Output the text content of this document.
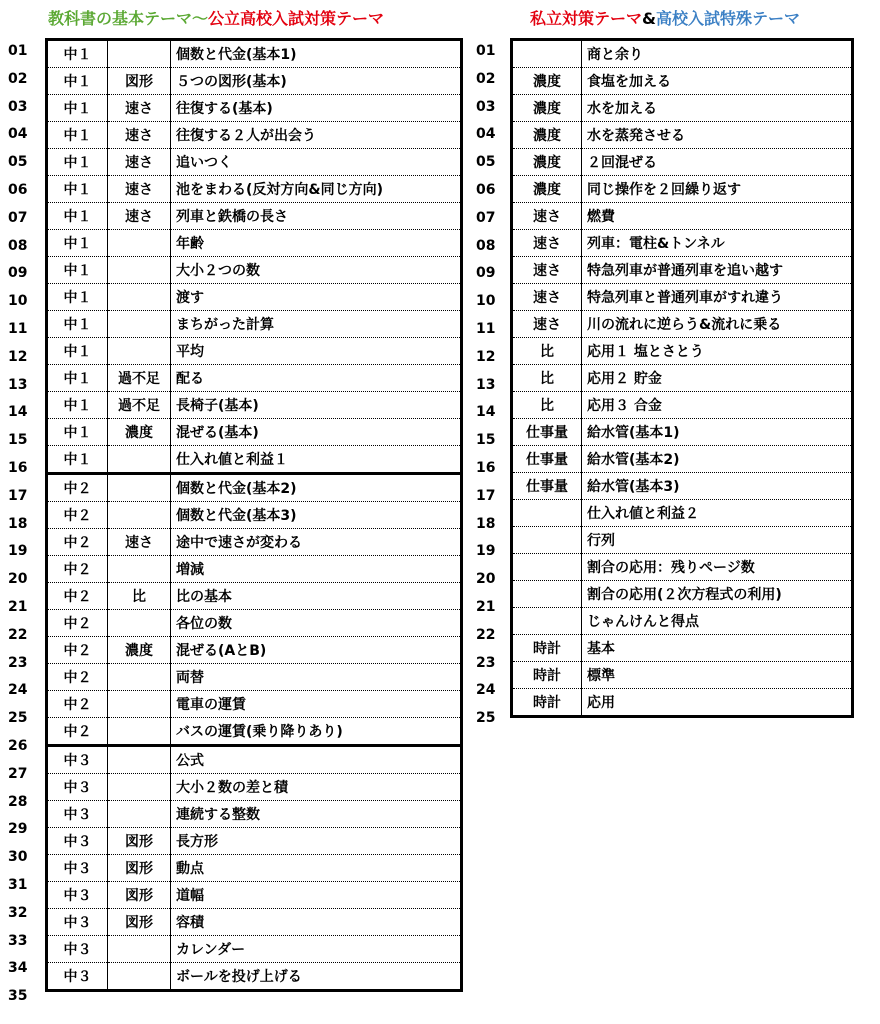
教科書の基本テーマ～公立高校入試対策テーマ	私立対策テーマ&高校入試特殊テーマ
01
02
03
04
05
06
07
08
09
10
11
12
13
14
15
16
17
18
19
20
21
22
23
24
25
26
27
28
29
30
31
32
33
34
35
中１		個数と代金(基本1)
中１	図形	５つの図形(基本)
中１	速さ	往復する(基本)
中１	速さ	往復する２人が出会う
中１	速さ	追いつく
中１	速さ	池をまわる(反対方向&同じ方向)
中１	速さ	列車と鉄橋の長さ
中１		年齢
中１		大小２つの数
中１		渡す
中１		まちがった計算
中１		平均
中１	過不足	配る
中１	過不足	長椅子(基本)
中１	濃度	混ぜる(基本)
中１		仕入れ値と利益１
中２		個数と代金(基本2)
中２		個数と代金(基本3)
中２	速さ	途中で速さが変わる
中２		増減
中２	比	比の基本
中２		各位の数
中２	濃度	混ぜる(AとB)
中２		両替
中２		電車の運賃
中２		バスの運賃(乗り降りあり)
中３		公式
中３		大小２数の差と積
中３		連続する整数
中３	図形	長方形
中３	図形	動点
中３	図形	道幅
中３	図形	容積
中３		カレンダー
中３		ボールを投げ上げる
01
02
03
04
05
06
07
08
09
10
11
12
13
14
15
16
17
18
19
20
21
22
23
24
25
	商と余り
濃度	食塩を加える
濃度	水を加える
濃度	水を蒸発させる
濃度	２回混ぜる
濃度	同じ操作を２回繰り返す
速さ	燃費
速さ	列車：電柱&トンネル
速さ	特急列車が普通列車を追い越す
速さ	特急列車と普通列車がすれ違う
速さ	川の流れに逆らう&流れに乗る
比	応用１ 塩とさとう
比	応用２ 貯金
比	応用３ 合金
仕事量	給水管(基本1)
仕事量	給水管(基本2)
仕事量	給水管(基本3)
	仕入れ値と利益２
	行列
	割合の応用：残りページ数
	割合の応用(２次方程式の利用)
	じゃんけんと得点
時計	基本
時計	標準
時計	応用
